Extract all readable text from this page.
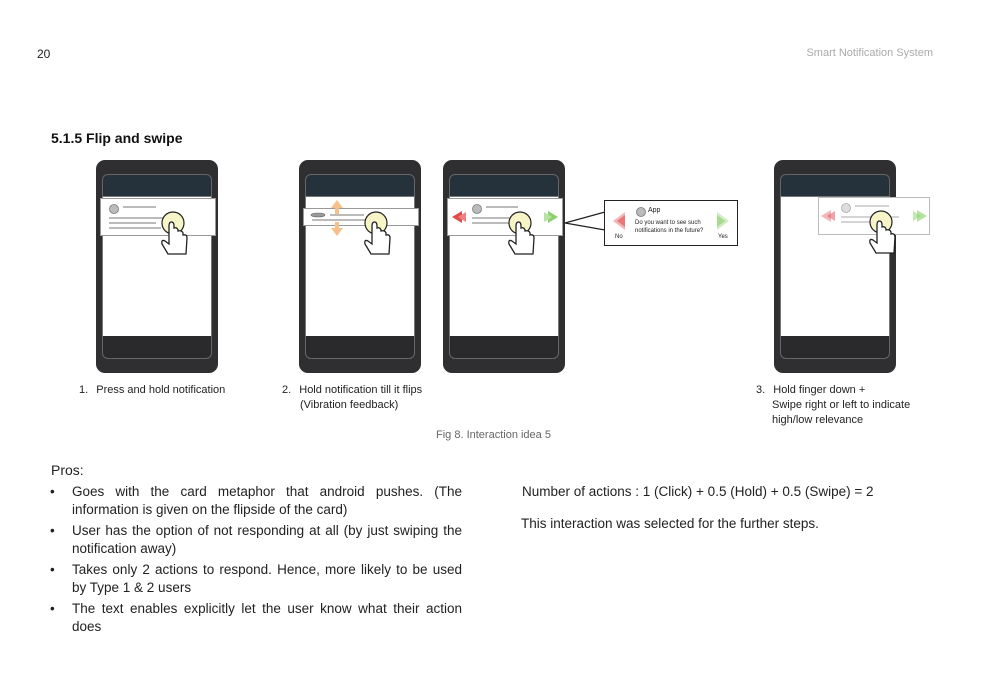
20	Smart Notification System
5.1.5 Flip and swipe
App
Do you want to see such
notifications in the future?
No	Yes
1. Press and hold notification	2. Hold notification till it flips
(Vibration feedback)
3. Hold finger down +
Swipe right or left to indicate
high/low relevance
Fig 8. Interaction idea 5
Pros:
• Goes with the card metaphor that android pushes. (The information is given on the flipside of the card)
• User has the option of not responding at all (by just swiping the notification away)
• Takes only 2 actions to respond. Hence, more likely to be used by Type 1 & 2 users
• The text enables explicitly let the user know what their action does
Number of actions : 1 (Click) + 0.5 (Hold) + 0.5 (Swipe) = 2
This interaction was selected for the further steps.
